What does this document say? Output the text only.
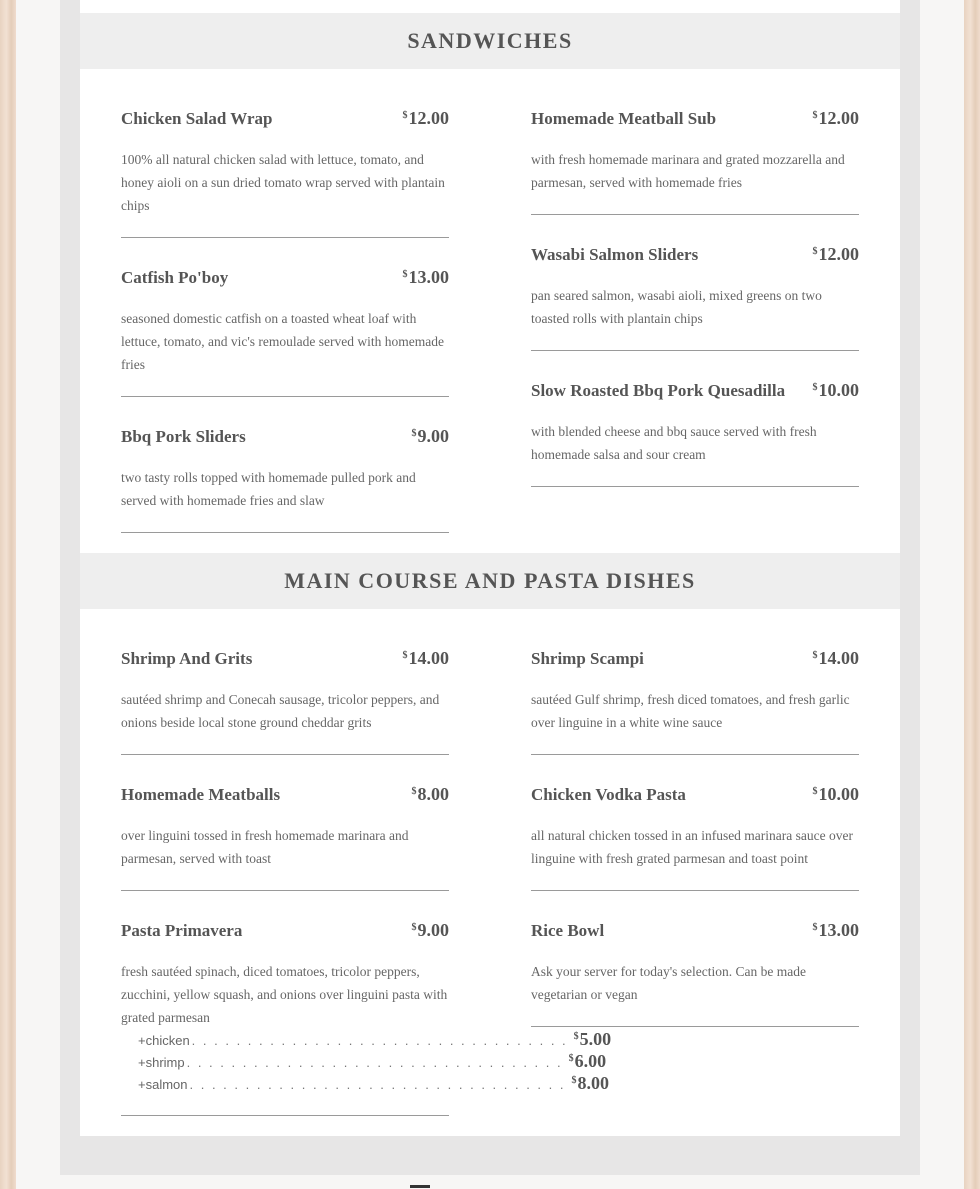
SANDWICHES
Chicken Salad Wrap	$12.00
100% all natural chicken salad with lettuce, tomato, and honey aioli on a sun dried tomato wrap served with plantain chips
Catfish Po'boy	$13.00
seasoned domestic catfish on a toasted wheat loaf with lettuce, tomato, and vic's remoulade served with homemade fries
Bbq Pork Sliders	$9.00
two tasty rolls topped with homemade pulled pork and served with homemade fries and slaw
Homemade Meatball Sub	$12.00
with fresh homemade marinara and grated mozzarella and parmesan, served with homemade fries
Wasabi Salmon Sliders	$12.00
pan seared salmon, wasabi aioli, mixed greens on two toasted rolls with plantain chips
Slow Roasted Bbq Pork Quesadilla	$10.00
with blended cheese and bbq sauce served with fresh homemade salsa and sour cream
MAIN COURSE AND PASTA DISHES
Shrimp And Grits	$14.00
sautéed shrimp and Conecah sausage, tricolor peppers, and onions beside local stone ground cheddar grits
Homemade Meatballs	$8.00
over linguini tossed in fresh homemade marinara and parmesan, served with toast
Pasta Primavera	$9.00
fresh sautéed spinach, diced tomatoes, tricolor peppers, zucchini, yellow squash, and onions over linguini pasta with grated parmesan
+chicken . . . . . . . . . . . . . . . . . . . . . . . . . . . . . . . . . . $5.00
+shrimp . . . . . . . . . . . . . . . . . . . . . . . . . . . . . . . . . . $6.00
+salmon . . . . . . . . . . . . . . . . . . . . . . . . . . . . . . . . . . $8.00
Shrimp Scampi	$14.00
sautéed Gulf shrimp, fresh diced tomatoes, and fresh garlic over linguine in a white wine sauce
Chicken Vodka Pasta	$10.00
all natural chicken tossed in an infused marinara sauce over linguine with fresh grated parmesan and toast point
Rice Bowl	$13.00
Ask your server for today's selection. Can be made vegetarian or vegan
